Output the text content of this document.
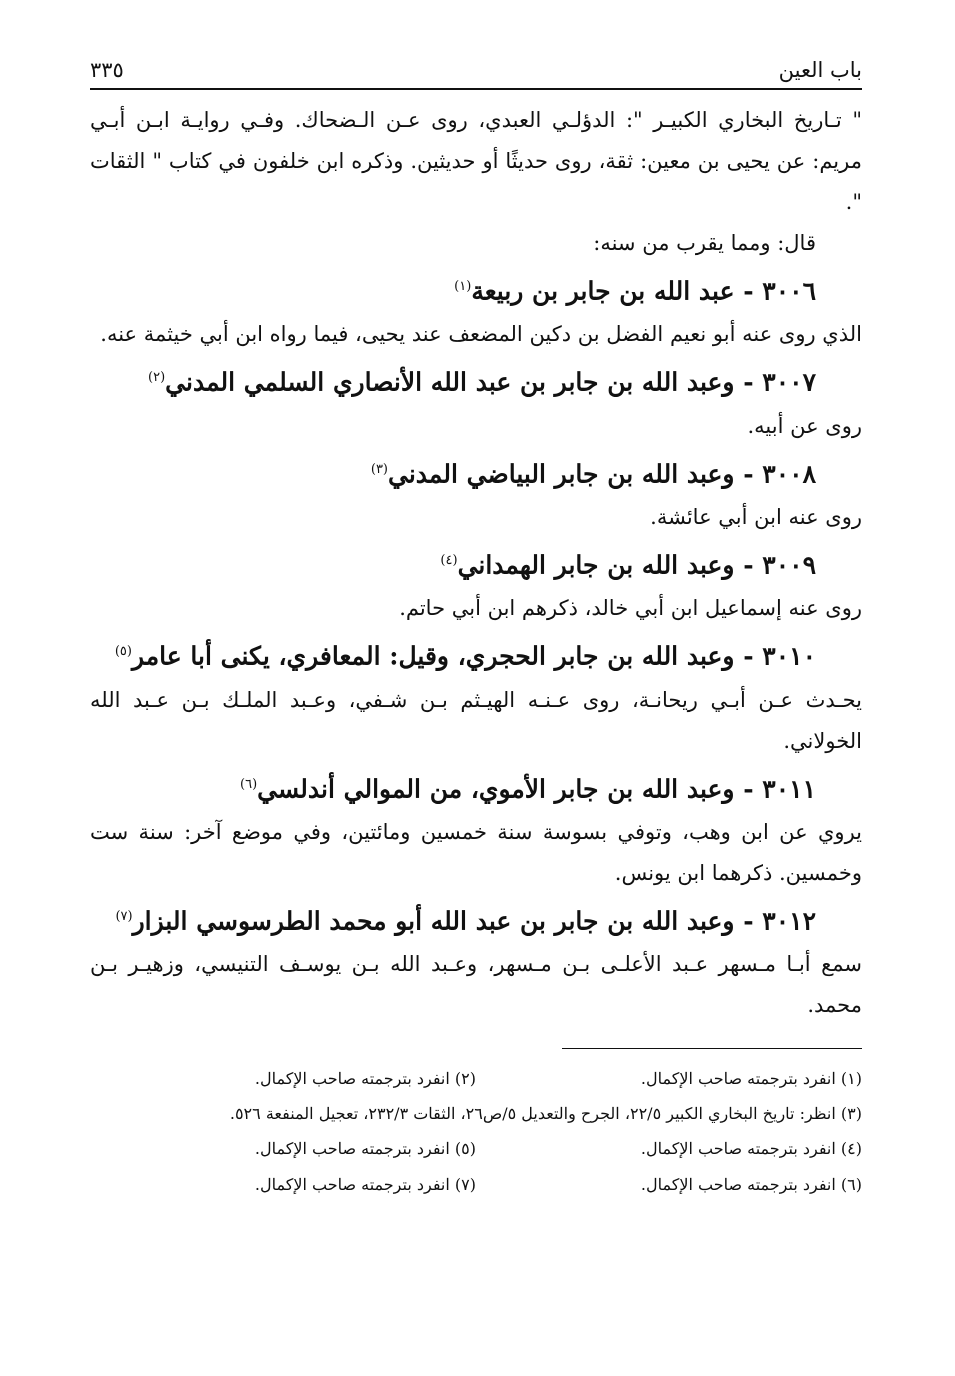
باب العين
٣٣٥

" تـاريخ البخاري الكبيـر ": الدؤلـي العبدي، روى عـن الـضحاك. وفـي روايـة ابـن أبـي مريم: عن يحيى بن معين: ثقة، روى حديثًا أو حديثين. وذكره ابن خلفون في كتاب " الثقات ".

قال: ومما يقرب من سنه:

٣٠٠٦ - عبد الله بن جابر بن ربيعة$^{(١)}$

الذي روى عنه أبو نعيم الفضل بن دكين المضعف عند يحيى، فيما رواه ابن أبي خيثمة عنه.

٣٠٠٧ - وعبد الله بن جابر بن عبد الله الأنصاري السلمي المدني$^{(٢)}$

روى عن أبيه.

٣٠٠٨ - وعبد الله بن جابر البياضي المدني$^{(٣)}$

روى عنه ابن أبي عائشة.

٣٠٠٩ - وعبد الله بن جابر الهمداني$^{(٤)}$

روى عنه إسماعيل ابن أبي خالد، ذكرهم ابن أبي حاتم.

٣٠١٠ - وعبد الله بن جابر الحجري، وقيل: المعافري، يكنى أبا عامر$^{(٥)}$

يحـدث عـن أبـي ريحانـة، روى عـنـه الهيـثم بـن شـفي، وعـبد الملـك بـن عـبد الله الخولاني.

٣٠١١ - وعبد الله بن جابر الأموي، من الموالي أندلسي$^{(٦)}$

يروي عن ابن وهب، وتوفي بسوسة سنة خمسين ومائتين، وفي موضع آخر: سنة ست وخمسين. ذكرهما ابن يونس.

٣٠١٢ - وعبد الله بن جابر بن عبد الله أبو محمد الطرسوسي البزار$^{(٧)}$

سمع أبـا مـسهر عـبد الأعلـى بـن مـسهر، وعـبد الله بـن يوسـف التنيسي، وزهيـر بـن محمد.

(١) انفرد بترجمته صاحب الإكمال.
(٢) انفرد بترجمته صاحب الإكمال.
(٣) انظر: تاريخ البخاري الكبير ٢٢/٥، الجرح والتعديل ٥/ص٢٦، الثقات ٢٣٢/٣، تعجيل المنفعة ٥٢٦.
(٤) انفرد بترجمته صاحب الإكمال.
(٥) انفرد بترجمته صاحب الإكمال.
(٦) انفرد بترجمته صاحب الإكمال.
(٧) انفرد بترجمته صاحب الإكمال.
